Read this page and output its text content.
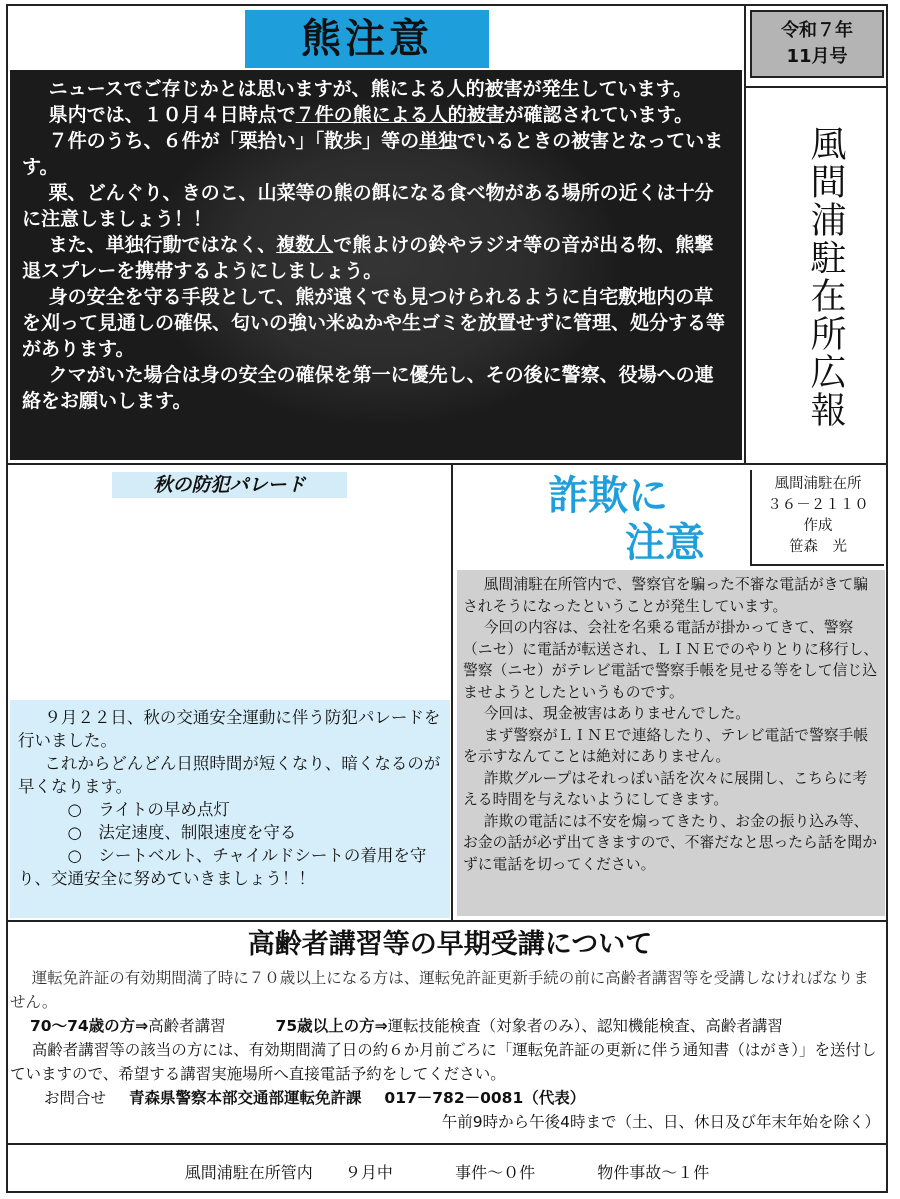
熊注意

ニュースでご存じかとは思いますが、熊による人的被害が発生しています。

県内では、１０月４日時点で７件の熊による人的被害が確認されています。

７件のうち、６件が「栗拾い」「散歩」等の単独でいるときの被害となっています。

栗、どんぐり、きのこ、山菜等の熊の餌になる食べ物がある場所の近くは十分に注意しましょう！！

また、単独行動ではなく、複数人で熊よけの鈴やラジオ等の音が出る物、熊撃退スプレーを携帯するようにしましょう。

身の安全を守る手段として、熊が遠くでも見つけられるように自宅敷地内の草を刈って見通しの確保、匂いの強い米ぬかや生ゴミを放置せずに管理、処分する等があります。

クマがいた場合は身の安全の確保を第一に優先し、その後に警察、役場への連絡をお願いします。

令和７年
11月号
風間浦駐在所広報
秋の防犯パレード

９月２２日、秋の交通安全運動に伴う防犯パレードを行いました。

これからどんどん日照時間が短くなり、暗くなるのが早くなります。

○　ライトの早め点灯

○　法定速度、制限速度を守る

○　シートベルト、チャイルドシートの着用を守り、交通安全に努めていきましょう！！

詐欺に
注意
風間浦駐在所
３６－２１１０
作成
笹森　光

風間浦駐在所管内で、警察官を騙った不審な電話がきて騙されそうになったということが発生しています。

今回の内容は、会社を名乗る電話が掛かってきて、警察（ニセ）に電話が転送され、ＬＩＮＥでのやりとりに移行し、警察（ニセ）がテレビ電話で警察手帳を見せる等をして信じ込ませようとしたというものです。

今回は、現金被害はありませんでした。

まず警察がＬＩＮＥで連絡したり、テレビ電話で警察手帳を示すなんてことは絶対にありません。

詐欺グループはそれっぽい話を次々に展開し、こちらに考える時間を与えないようにしてきます。

詐欺の電話には不安を煽ってきたり、お金の振り込み等、お金の話が必ず出てきますので、不審だなと思ったら話を聞かずに電話を切ってください。

高齢者講習等の早期受講について

運転免許証の有効期間満了時に７０歳以上になる方は、運転免許証更新手続の前に高齢者講習等を受講しなければなりません。

70～74歳の方⇒高齢者講習	75歳以上の方⇒運転技能検査（対象者のみ）、認知機能検査、高齢者講習

高齢者講習等の該当の方には、有効期間満了日の約６か月前ごろに「運転免許証の更新に伴う通知書（はがき）」を送付していますので、希望する講習実施場所へ直接電話予約をしてください。

お問合せ 青森県警察本部交通部運転免許課 017－782－0081（代表）

午前9時から午後4時まで（土、日、休日及び年末年始を除く）

風間浦駐在所管内 ９月中	事件～０件	物件事故～１件
